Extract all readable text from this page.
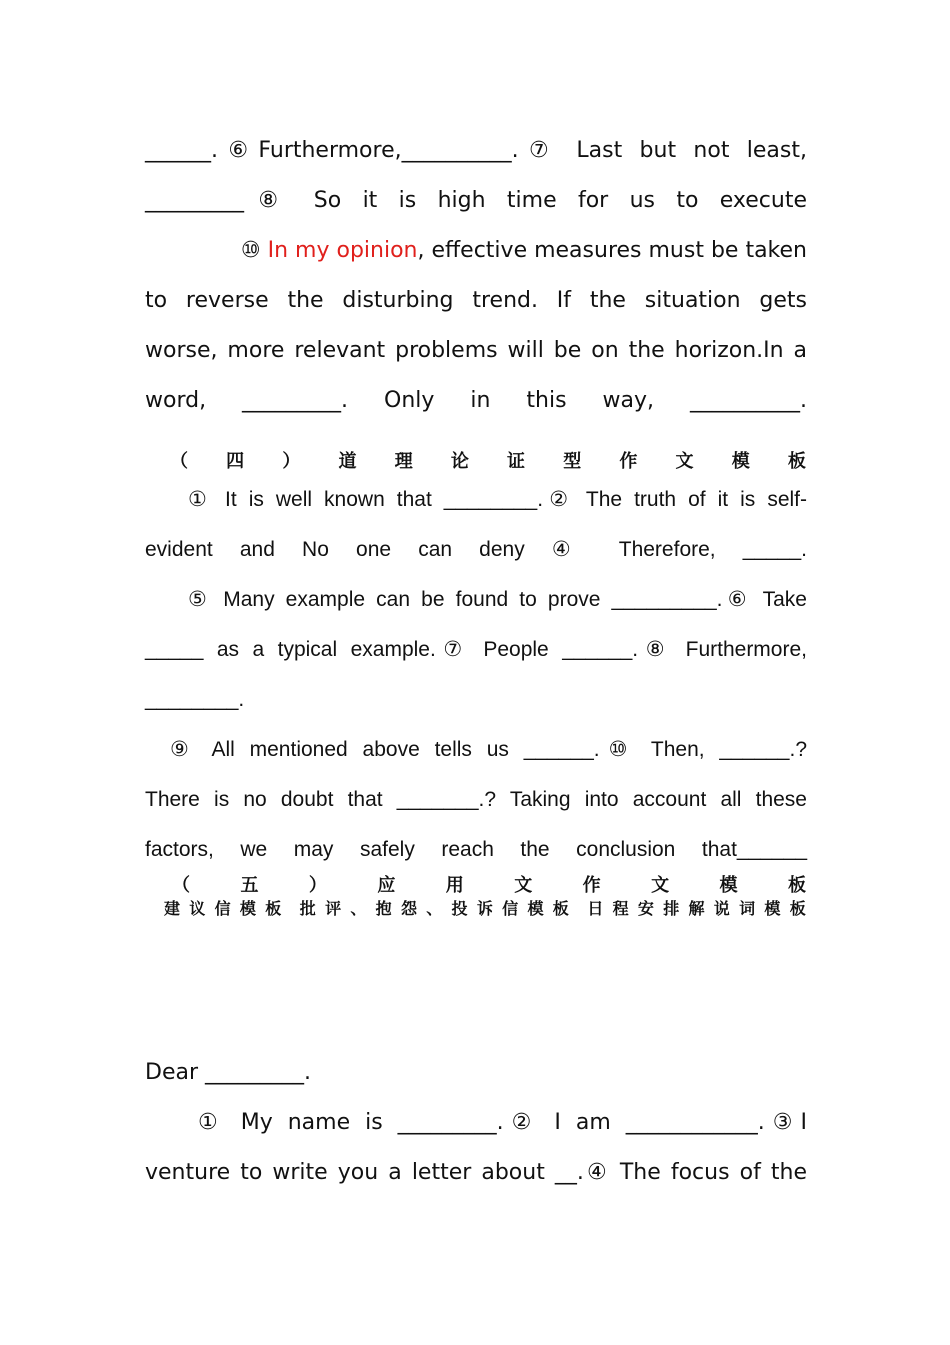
______.⑥Furthermore,__________.⑦ Last but not least,
_________⑧ So it is high time for us to execute
⑩ In my opinion, effective measures must be taken
to reverse the disturbing trend. If the situation gets
worse, more relevant problems will be on the horizon.In a
word, _________. Only in this way, __________.
（ 四 ） 道 理 论 证 型 作 文 模 板
① It is well known that ________.② The truth of it is self-
evident and No one can deny ④ Therefore, _____.
⑤ Many example can be found to prove _________.⑥ Take
_____ as a typical example.⑦ People ______.⑧ Furthermore,
________.
⑨ All mentioned above tells us ______.⑩ Then, ______.?
There is no doubt that _______.? Taking into account all these
factors, we may safely reach the conclusion that______
（	五	）	应	用	文	作	文	模	板
建 议 信 模 板 批 评 、 抱 怨 、 投 诉 信 模 板 日 程 安 排 解 说 词 模 板
Dear _________.
① My name is _________.② I am ____________.③I
venture to write you a letter about __.④ The focus of the
